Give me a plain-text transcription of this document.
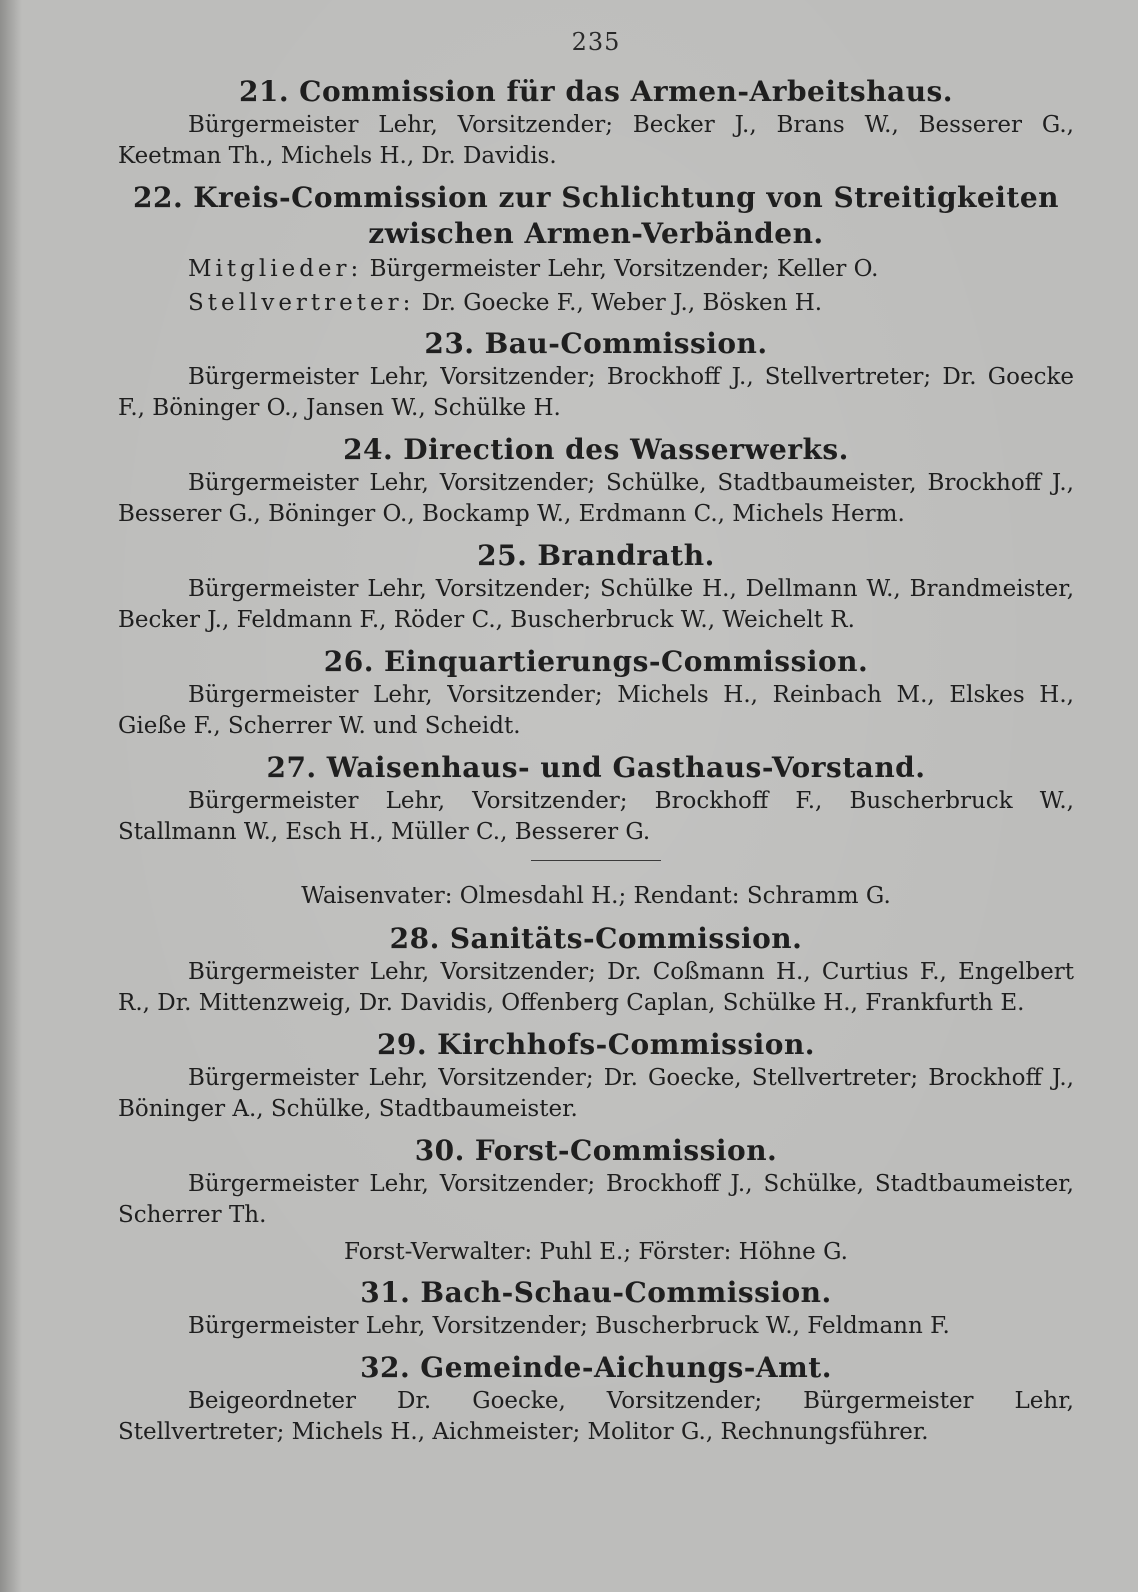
235
21. Commission für das Armen-Arbeitshaus.

Bürgermeister Lehr, Vorsitzender; Becker J., Brans W., Besserer G., Keetman Th., Michels H., Dr. Davidis.

22. Kreis-Commission zur Schlichtung von Streitigkeiten
zwischen Armen-Verbänden.

Mitglieder: Bürgermeister Lehr, Vorsitzender; Keller O.

Stellvertreter: Dr. Goecke F., Weber J., Bösken H.

23. Bau-Commission.

Bürgermeister Lehr, Vorsitzender; Brockhoff J., Stellvertreter; Dr. Goecke F., Böninger O., Jansen W., Schülke H.

24. Direction des Wasserwerks.

Bürgermeister Lehr, Vorsitzender; Schülke, Stadtbaumeister, Brockhoff J., Besserer G., Böninger O., Bockamp W., Erdmann C., Michels Herm.

25. Brandrath.

Bürgermeister Lehr, Vorsitzender; Schülke H., Dellmann W., Brandmeister, Becker J., Feldmann F., Röder C., Buscherbruck W., Weichelt R.

26. Einquartierungs-Commission.

Bürgermeister Lehr, Vorsitzender; Michels H., Reinbach M., Elskes H., Gieße F., Scherrer W. und Scheidt.

27. Waisenhaus- und Gasthaus-Vorstand.

Bürgermeister Lehr, Vorsitzender; Brockhoff F., Buscherbruck W., Stallmann W., Esch H., Müller C., Besserer G.

Waisenvater: Olmesdahl H.; Rendant: Schramm G.

28. Sanitäts-Commission.

Bürgermeister Lehr, Vorsitzender; Dr. Coßmann H., Curtius F., Engelbert R., Dr. Mittenzweig, Dr. Davidis, Offenberg Caplan, Schülke H., Frankfurth E.

29. Kirchhofs-Commission.

Bürgermeister Lehr, Vorsitzender; Dr. Goecke, Stellvertreter; Brockhoff J., Böninger A., Schülke, Stadtbaumeister.

30. Forst-Commission.

Bürgermeister Lehr, Vorsitzender; Brockhoff J., Schülke, Stadtbaumeister, Scherrer Th.

Forst-Verwalter: Puhl E.; Förster: Höhne G.

31. Bach-Schau-Commission.

Bürgermeister Lehr, Vorsitzender; Buscherbruck W., Feldmann F.

32. Gemeinde-Aichungs-Amt.

Beigeordneter Dr. Goecke, Vorsitzender; Bürgermeister Lehr, Stellvertreter; Michels H., Aichmeister; Molitor G., Rechnungsführer.
